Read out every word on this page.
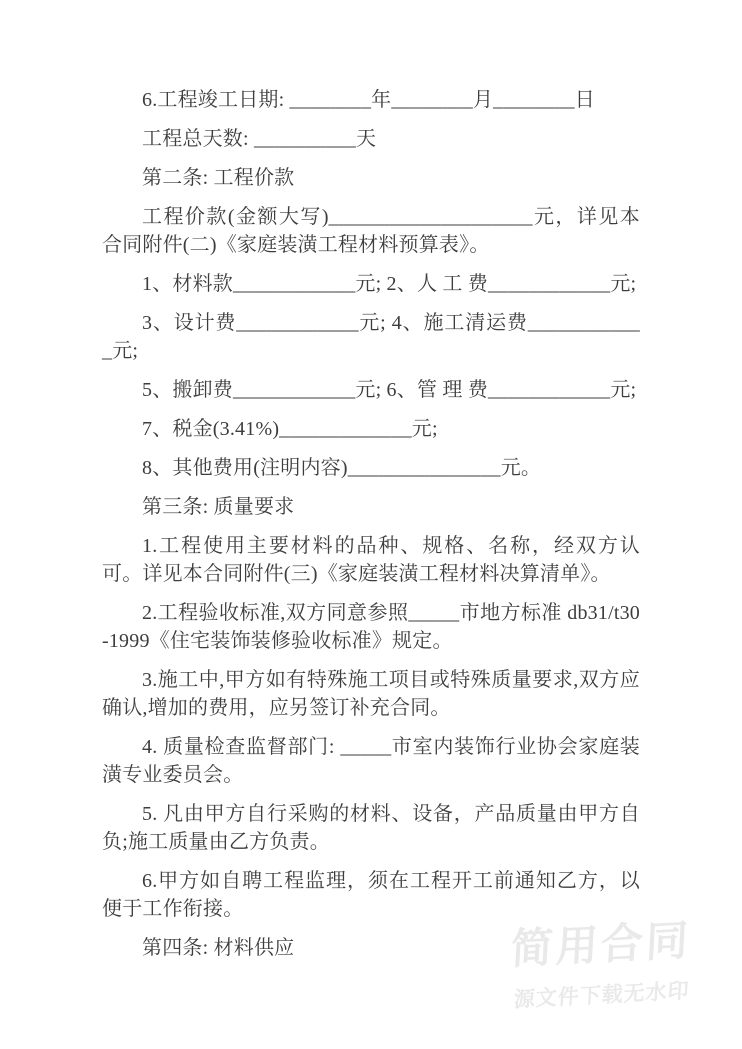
6.工程竣工日期: ________年________月________日
工程总天数: __________天
第二条: 工程价款
工程价款(金额大写)____________________元，详见本合同附件(二)《家庭装潢工程材料预算表》。
1、材料款____________元; 2、人 工 费____________元;
3、设计费____________元; 4、施工清运费____________元;
5、搬卸费____________元; 6、管 理 费____________元;
7、税金(3.41%)_____________元;
8、其他费用(注明内容)_______________元。
第三条: 质量要求
1.工程使用主要材料的品种、规格、名称，经双方认可。详见本合同附件(三)《家庭装潢工程材料决算清单》。
2.工程验收标准,双方同意参照_____市地方标准 db31/t30-1999《住宅装饰装修验收标准》规定。
3.施工中,甲方如有特殊施工项目或特殊质量要求,双方应确认,增加的费用，应另签订补充合同。
4. 质量检查监督部门: _____市室内装饰行业协会家庭装潢专业委员会。
5. 凡由甲方自行采购的材料、设备，产品质量由甲方自负;施工质量由乙方负责。
6.甲方如自聘工程监理，须在工程开工前通知乙方，以便于工作衔接。
第四条: 材料供应	简用合同
源文件下载无水印
